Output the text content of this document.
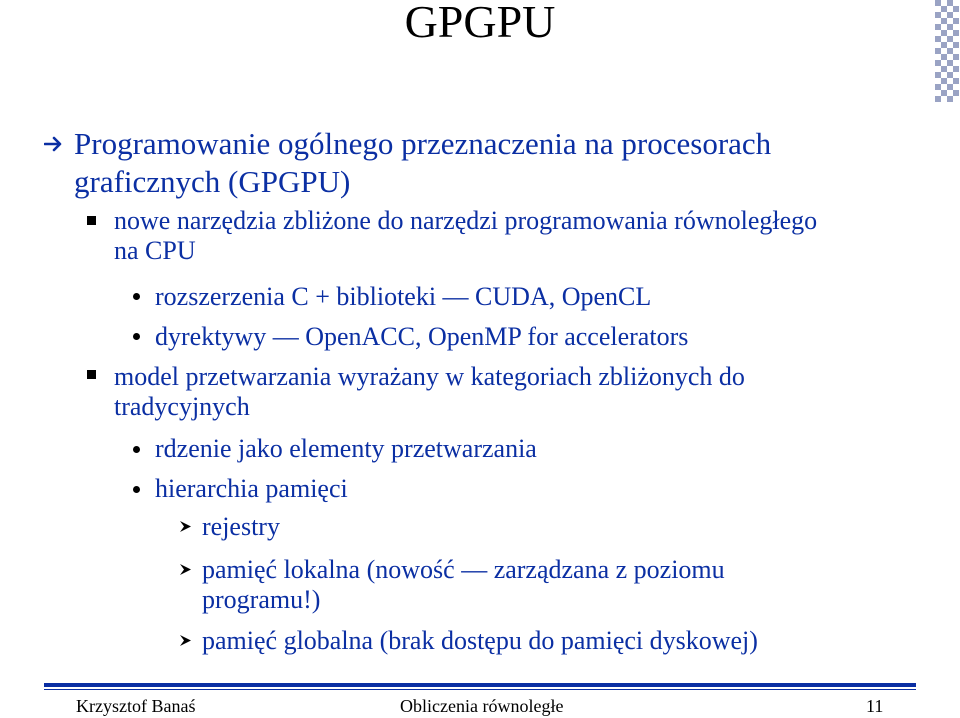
GPGPU
Programowanie ogólnego przeznaczenia na procesorach graficznych (GPGPU)
nowe narzędzia zbliżone do narzędzi programowania równoległego na CPU
rozszerzenia C + biblioteki — CUDA, OpenCL
dyrektywy — OpenACC, OpenMP for accelerators
model przetwarzania wyrażany w kategoriach zbliżonych do tradycyjnych
rdzenie jako elementy przetwarzania
hierarchia pamięci
rejestry
pamięć lokalna (nowość — zarządzana z poziomu programu!)
pamięć globalna (brak dostępu do pamięci dyskowej)
Krzysztof Banaś	Obliczenia równoległe	11
